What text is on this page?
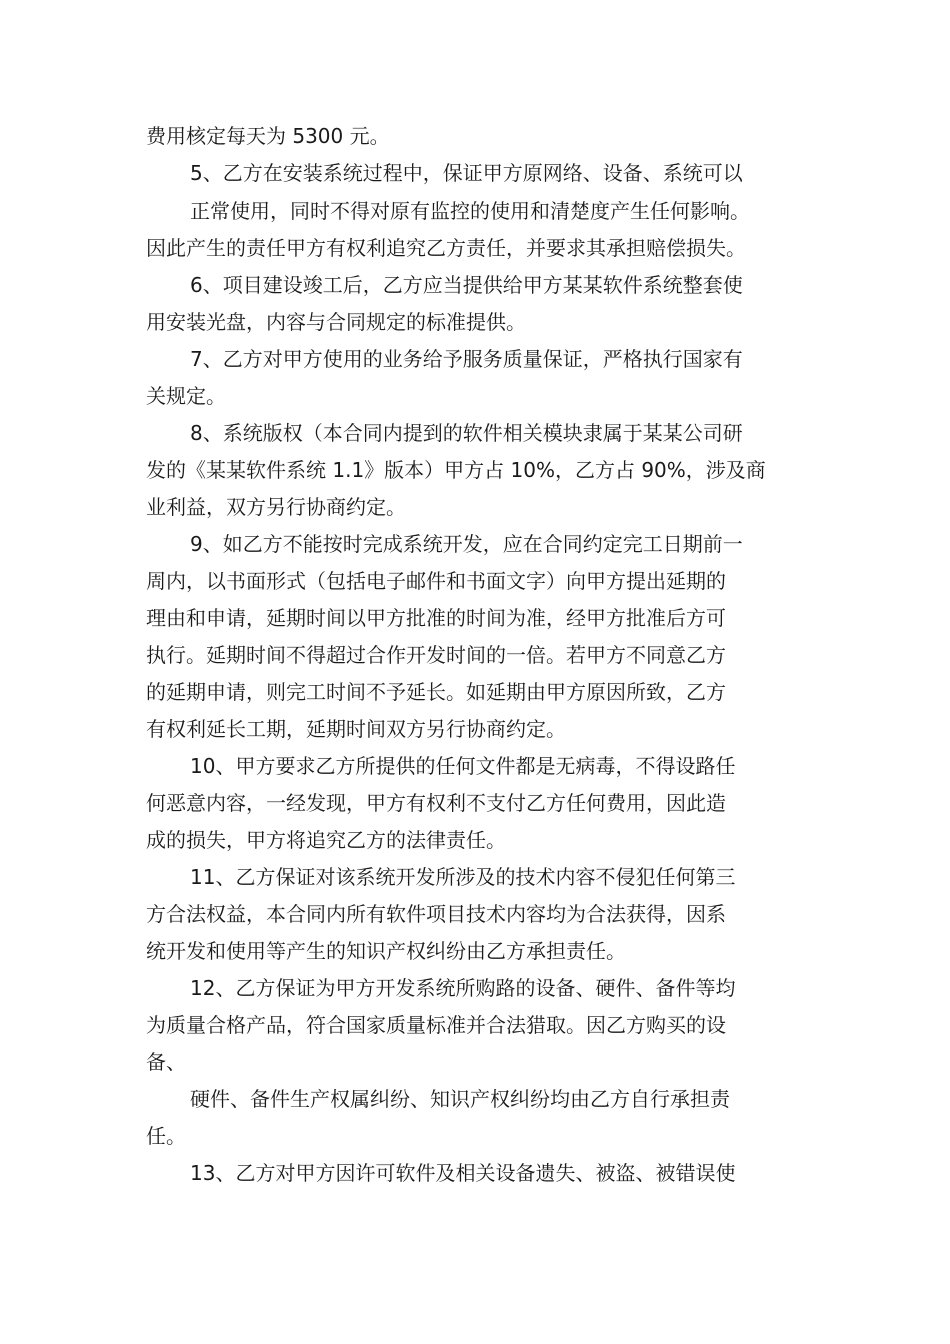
费用核定每天为 5300 元。
5、乙方在安装系统过程中，保证甲方原网络、设备、系统可以
正常使用，同时不得对原有监控的使用和清楚度产生任何影响。
因此产生的责任甲方有权利追究乙方责任，并要求其承担赔偿损失。
6、项目建设竣工后，乙方应当提供给甲方某某软件系统整套使
用安装光盘，内容与合同规定的标准提供。
7、乙方对甲方使用的业务给予服务质量保证，严格执行国家有
关规定。
8、系统版权（本合同内提到的软件相关模块隶属于某某公司研
发的《某某软件系统 1.1》版本）甲方占 10%，乙方占 90%，涉及商
业利益，双方另行协商约定。
9、如乙方不能按时完成系统开发，应在合同约定完工日期前一
周内，以书面形式（包括电子邮件和书面文字）向甲方提出延期的
理由和申请，延期时间以甲方批准的时间为准，经甲方批准后方可
执行。延期时间不得超过合作开发时间的一倍。若甲方不同意乙方
的延期申请，则完工时间不予延长。如延期由甲方原因所致，乙方
有权利延长工期，延期时间双方另行协商约定。
10、甲方要求乙方所提供的任何文件都是无病毒，不得设路任
何恶意内容，一经发现，甲方有权利不支付乙方任何费用，因此造
成的损失，甲方将追究乙方的法律责任。
11、乙方保证对该系统开发所涉及的技术内容不侵犯任何第三
方合法权益，本合同内所有软件项目技术内容均为合法获得，因系
统开发和使用等产生的知识产权纠纷由乙方承担责任。
12、乙方保证为甲方开发系统所购路的设备、硬件、备件等均
为质量合格产品，符合国家质量标准并合法猎取。因乙方购买的设
备、
硬件、备件生产权属纠纷、知识产权纠纷均由乙方自行承担责
任。
13、乙方对甲方因许可软件及相关设备遗失、被盗、被错误使
